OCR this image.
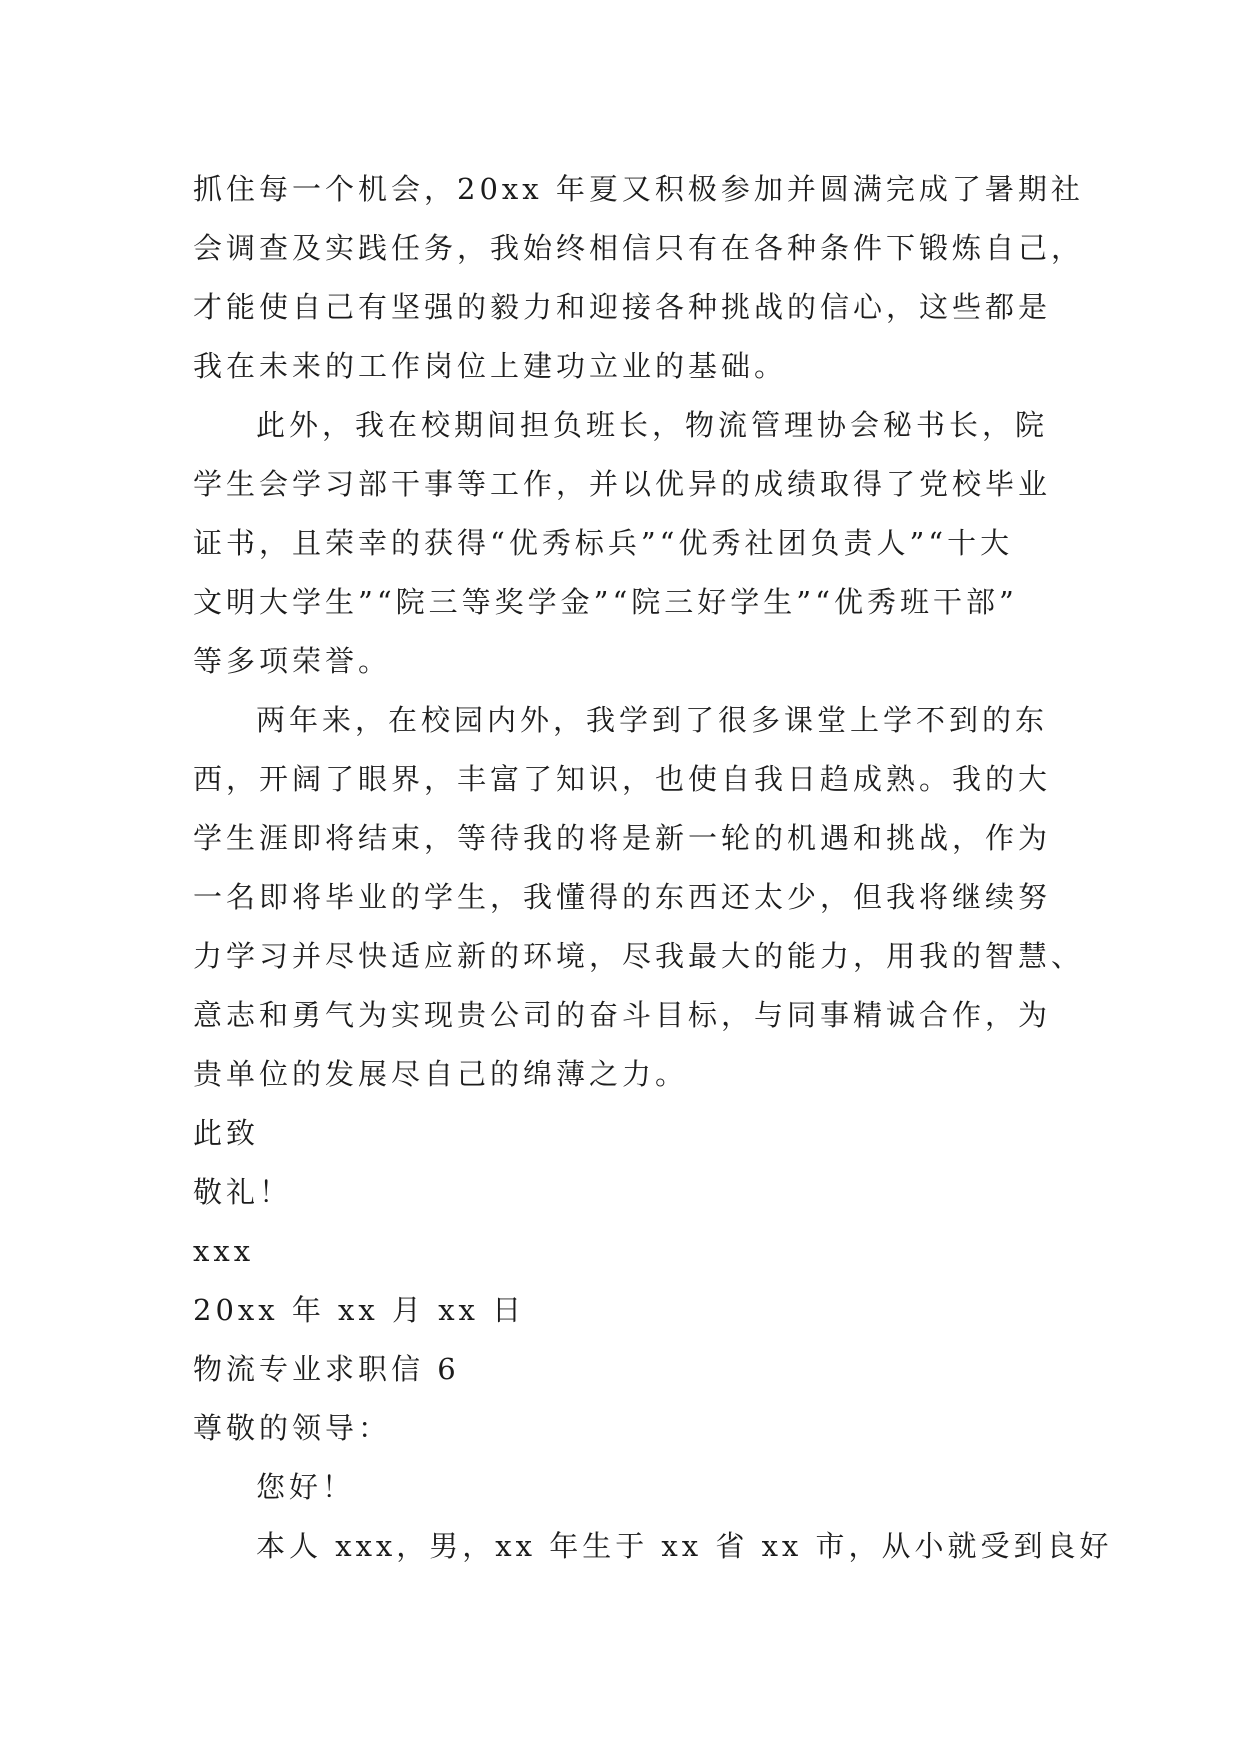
抓住每一个机会，20xx 年夏又积极参加并圆满完成了暑期社
会调查及实践任务，我始终相信只有在各种条件下锻炼自己，
才能使自己有坚强的毅力和迎接各种挑战的信心，这些都是
我在未来的工作岗位上建功立业的基础。
此外，我在校期间担负班长，物流管理协会秘书长，院
学生会学习部干事等工作，并以优异的成绩取得了党校毕业
证书，且荣幸的获得“优秀标兵”“优秀社团负责人”“十大
文明大学生”“院三等奖学金”“院三好学生”“优秀班干部”
等多项荣誉。
两年来，在校园内外，我学到了很多课堂上学不到的东
西，开阔了眼界，丰富了知识，也使自我日趋成熟。我的大
学生涯即将结束，等待我的将是新一轮的机遇和挑战，作为
一名即将毕业的学生，我懂得的东西还太少，但我将继续努
力学习并尽快适应新的环境，尽我最大的能力，用我的智慧、
意志和勇气为实现贵公司的奋斗目标，与同事精诚合作，为
贵单位的发展尽自己的绵薄之力。
此致
敬礼！
xxx
20xx 年 xx 月 xx 日
物流专业求职信 6
尊敬的领导：
您好！
本人 xxx，男，xx 年生于 xx 省 xx 市，从小就受到良好
